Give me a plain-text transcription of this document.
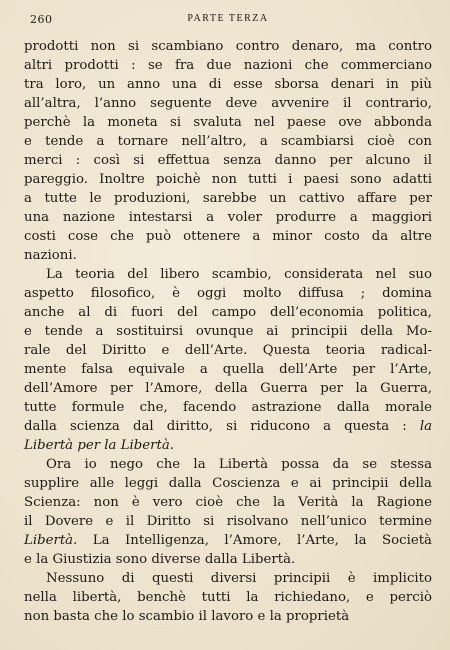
260	PARTE TERZA
prodotti non si scambiano contro denaro, ma contro
altri prodotti : se fra due nazioni che commerciano
tra loro, un anno una di esse sborsa denari in più
all’altra, l’anno seguente deve avvenire il contrario,
perchè la moneta si svaluta nel paese ove abbonda
e tende a tornare nell’altro, a scambiarsi cioè con
merci : così si effettua senza danno per alcuno il
pareggio. Inoltre poichè non tutti i paesi sono adatti
a tutte le produzioni, sarebbe un cattivo affare per
una nazione intestarsi a voler produrre a maggiori
costi cose che può ottenere a minor costo da altre
nazioni.
La teoria del libero scambio, considerata nel suo
aspetto filosofico, è oggi molto diffusa ; domina
anche al di fuori del campo dell’economia politica,
e tende a sostituirsi ovunque ai principii della Mo-
rale del Diritto e dell’Arte. Questa teoria radical-
mente falsa equivale a quella dell’Arte per l’Arte,
dell’Amore per l’Amore, della Guerra per la Guerra,
tutte formule che, facendo astrazione dalla morale
dalla scienza dal diritto, si riducono a questa : la
Libertà per la Libertà.
Ora io nego che la Libertà possa da se stessa
supplire alle leggi dalla Coscienza e ai principii della
Scienza: non è vero cioè che la Verità la Ragione
il Dovere e il Diritto si risolvano nell’unico termine
Libertà. La Intelligenza, l’Amore, l’Arte, la Società
e la Giustizia sono diverse dalla Libertà.
Nessuno di questi diversi principii è implicito
nella libertà, benchè tutti la richiedano, e perciò
non basta che lo scambio il lavoro e la proprietà
